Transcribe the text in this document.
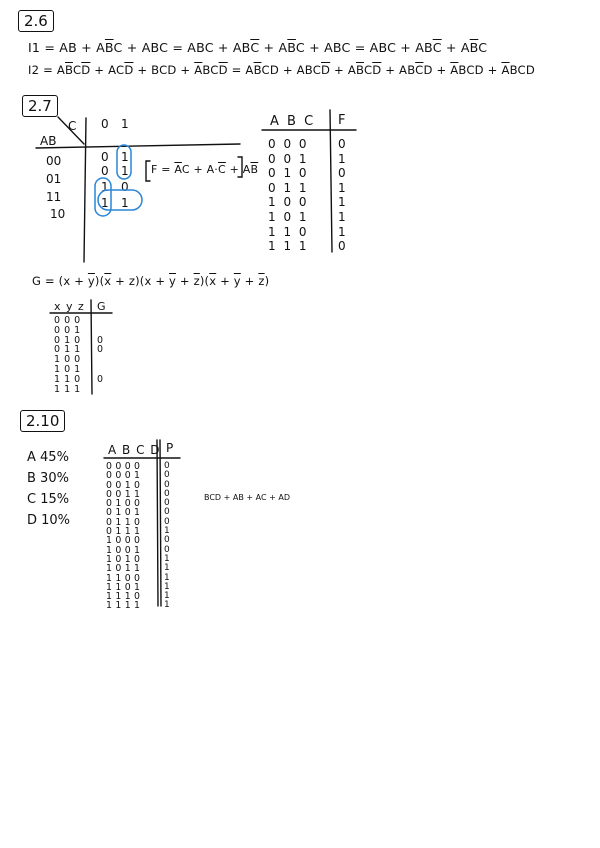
2.6
I1 = AB + $A\overline{B}C$ + ABC = ABC + $AB\overline{C} + A\overline{B}C$ + ABC = ABC + $AB\overline{C} + A\overline{B}C$
$I2 = A\overline{B}C\overline{D} + AC\overline{D}$ + BCD + $\overline{A}BC\overline{D} = A\overline{B}CD + ABC\overline{D} + A\overline{B}C\overline{D} + AB\overline{C}D + \overline{A}BCD + \overline{A}BCD$
2.7
C
AB
0 1
00
01
11
10
0 1
0 1
1 0
1 1
$F = \overline{A}C + A\cdot\overline{C} + A\overline{B}$
A B C F
0 0 0
0 0 1
0 1 0
0 1 1
1 0 0
1 0 1
1 1 0
1 1 1
0
1
0
1
1
1
1
0
$G = (x + \overline{y})(\overline{x} + z)(x + \overline{y} + \overline{z})(\overline{x} + \overline{y} + \overline{z})$
x y z G
0 0 0
0 0 1
0 1 0
0 1 1
1 0 0
1 0 1
1 1 0
1 1 1
0
0
0
2.10
A 45%
B 30%
C 15%
D 10%
A B C D P
0 0 0 0
0 0 0 1
0 0 1 0
0 0 1 1
0 1 0 0
0 1 0 1
0 1 1 0
0 1 1 1
1 0 0 0
1 0 0 1
1 0 1 0
1 0 1 1
1 1 0 0
1 1 0 1
1 1 1 0
1 1 1 1
0
0
0
0
0
0
0
1
0
0
1
1
1
1
1
1
BCD + AB + AC + AD
